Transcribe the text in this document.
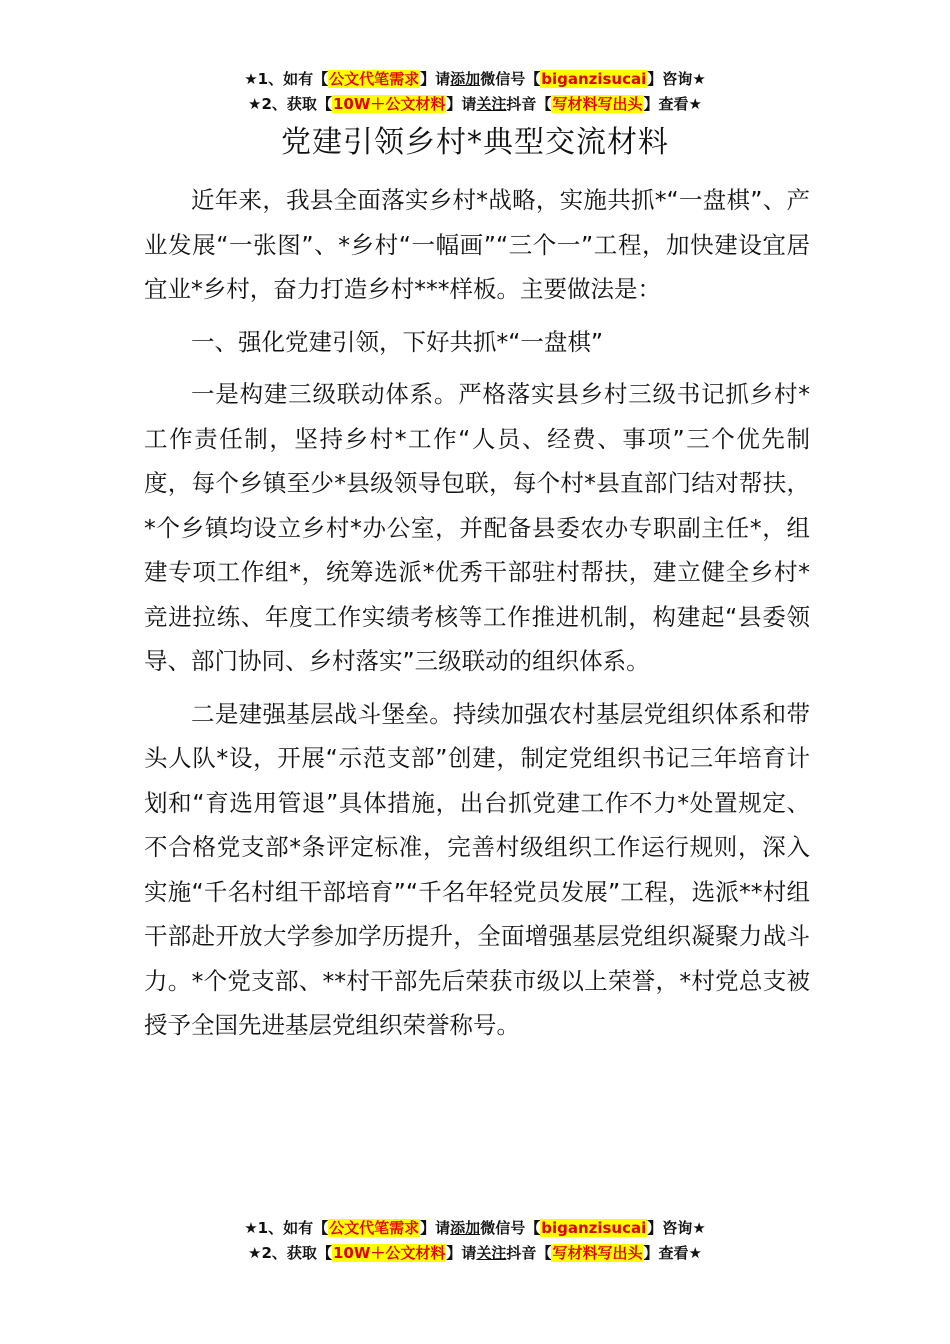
★1、如有【公文代笔需求】请添加微信号【biganzisucai】咨询★
★2、获取【10W＋公文材料】请关注抖音【写材料写出头】查看★
党建引领乡村*典型交流材料

近年来，我县全面落实乡村*战略，实施共抓*“一盘棋”、产业发展“一张图”、*乡村“一幅画”“三个一”工程，加快建设宜居宜业*乡村，奋力打造乡村***样板。主要做法是：

一、强化党建引领，下好共抓*“一盘棋”

一是构建三级联动体系。严格落实县乡村三级书记抓乡村*工作责任制，坚持乡村*工作“人员、经费、事项”三个优先制度，每个乡镇至少*县级领导包联，每个村*县直部门结对帮扶，*个乡镇均设立乡村*办公室，并配备县委农办专职副主任*，组建专项工作组*，统筹选派*优秀干部驻村帮扶，建立健全乡村*竞进拉练、年度工作实绩考核等工作推进机制，构建起“县委领导、部门协同、乡村落实”三级联动的组织体系。

二是建强基层战斗堡垒。持续加强农村基层党组织体系和带头人队*设，开展“示范支部”创建，制定党组织书记三年培育计划和“育选用管退”具体措施，出台抓党建工作不力*处置规定、不合格党支部*条评定标准，完善村级组织工作运行规则，深入实施“千名村组干部培育”“千名年轻党员发展”工程，选派**村组干部赴开放大学参加学历提升，全面增强基层党组织凝聚力战斗力。*个党支部、**村干部先后荣获市级以上荣誉，*村党总支被授予全国先进基层党组织荣誉称号。

★1、如有【公文代笔需求】请添加微信号【biganzisucai】咨询★
★2、获取【10W＋公文材料】请关注抖音【写材料写出头】查看★
